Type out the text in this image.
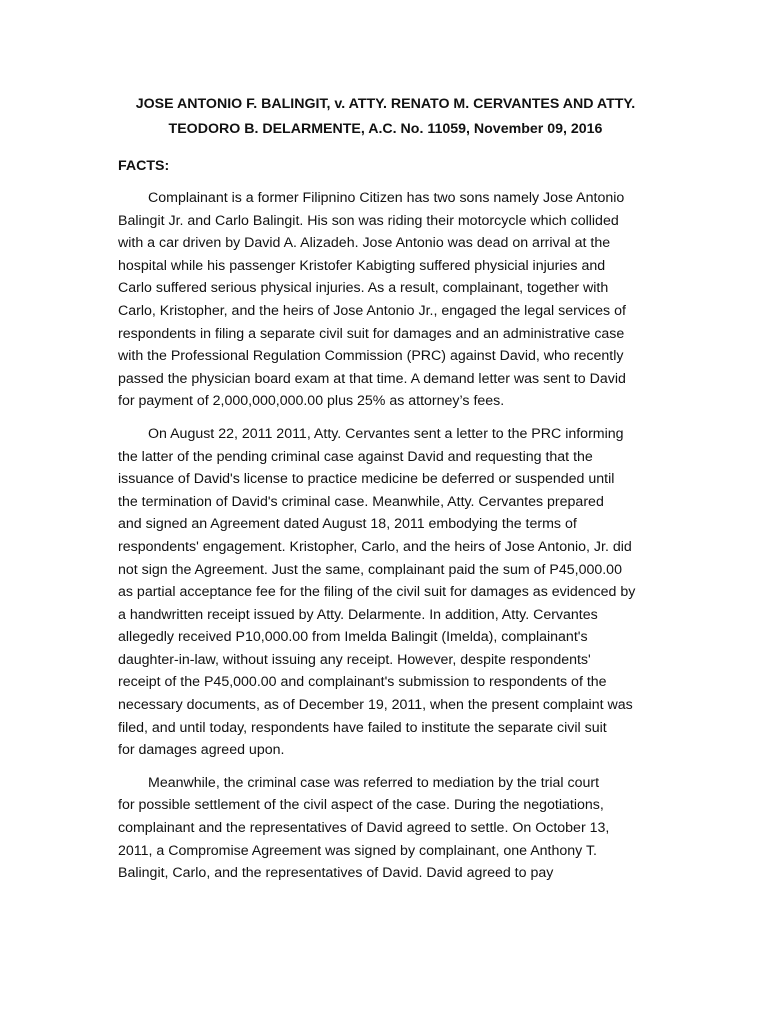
JOSE ANTONIO F. BALINGIT, v. ATTY. RENATO M. CERVANTES AND ATTY.
TEODORO B. DELARMENTE, A.C. No. 11059, November 09, 2016
FACTS:
Complainant is a former Filipnino Citizen has two sons namely Jose Antonio
Balingit Jr. and Carlo Balingit. His son was riding their motorcycle which collided
with a car driven by David A. Alizadeh. Jose Antonio was dead on arrival at the
hospital while his passenger Kristofer Kabigting suffered physicial injuries and
Carlo suffered serious physical injuries. As a result, complainant, together with
Carlo, Kristopher, and the heirs of Jose Antonio Jr., engaged the legal services of
respondents in filing a separate civil suit for damages and an administrative case
with the Professional Regulation Commission (PRC) against David, who recently
passed the physician board exam at that time. A demand letter was sent to David
for payment of 2,000,000,000.00 plus 25% as attorney’s fees.
On August 22, 2011 2011, Atty. Cervantes sent a letter to the PRC informing
the latter of the pending criminal case against David and requesting that the
issuance of David's license to practice medicine be deferred or suspended until
the termination of David's criminal case. Meanwhile, Atty. Cervantes prepared
and signed an Agreement dated August 18, 2011 embodying the terms of
respondents' engagement. Kristopher, Carlo, and the heirs of Jose Antonio, Jr. did
not sign the Agreement. Just the same, complainant paid the sum of P45,000.00
as partial acceptance fee for the filing of the civil suit for damages as evidenced by
a handwritten receipt issued by Atty. Delarmente. In addition, Atty. Cervantes
allegedly received P10,000.00 from Imelda Balingit (Imelda), complainant's
daughter-in-law, without issuing any receipt. However, despite respondents'
receipt of the P45,000.00 and complainant's submission to respondents of the
necessary documents, as of December 19, 2011, when the present complaint was
filed, and until today, respondents have failed to institute the separate civil suit
for damages agreed upon.
Meanwhile, the criminal case was referred to mediation by the trial court
for possible settlement of the civil aspect of the case. During the negotiations,
complainant and the representatives of David agreed to settle. On October 13,
2011, a Compromise Agreement was signed by complainant, one Anthony T.
Balingit, Carlo, and the representatives of David. David agreed to pay
